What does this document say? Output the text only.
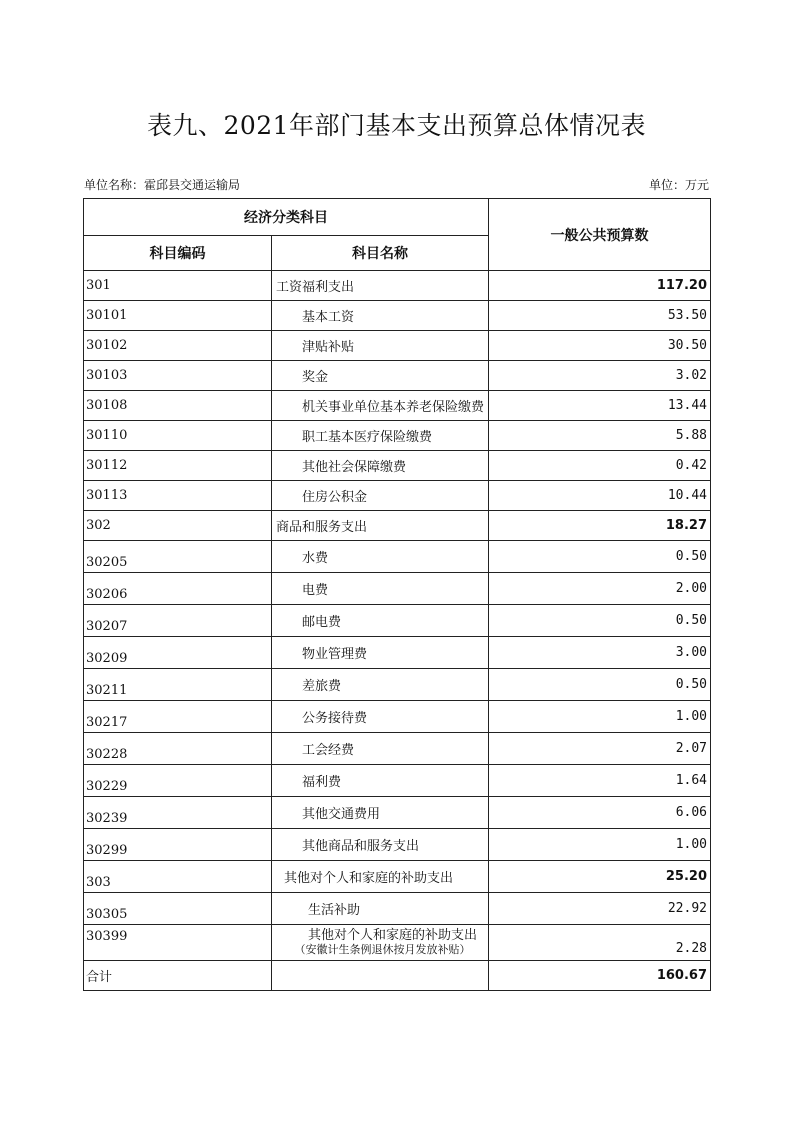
表九、2021年部门基本支出预算总体情况表
单位名称：霍邱县交通运输局	单位：万元
经济分类科目		一般公共预算数
科目编码	科目名称	
301	工资福利支出	117.20
30101	基本工资	53.50
30102	津贴补贴	30.50
30103	奖金	3.02
30108	机关事业单位基本养老保险缴费	13.44
30110	职工基本医疗保险缴费	5.88
30112	其他社会保障缴费	0.42
30113	住房公积金	10.44
302	商品和服务支出	18.27
30205	水费	0.50
30206	电费	2.00
30207	邮电费	0.50
30209	物业管理费	3.00
30211	差旅费	0.50
30217	公务接待费	1.00
30228	工会经费	2.07
30229	福利费	1.64
30239	其他交通费用	6.06
30299	其他商品和服务支出	1.00
303	其他对个人和家庭的补助支出	25.20
30305	生活补助	22.92
30399	其他对个人和家庭的补助支出
（安徽计生条例退休按月发放补贴）	2.28
合计		160.67
